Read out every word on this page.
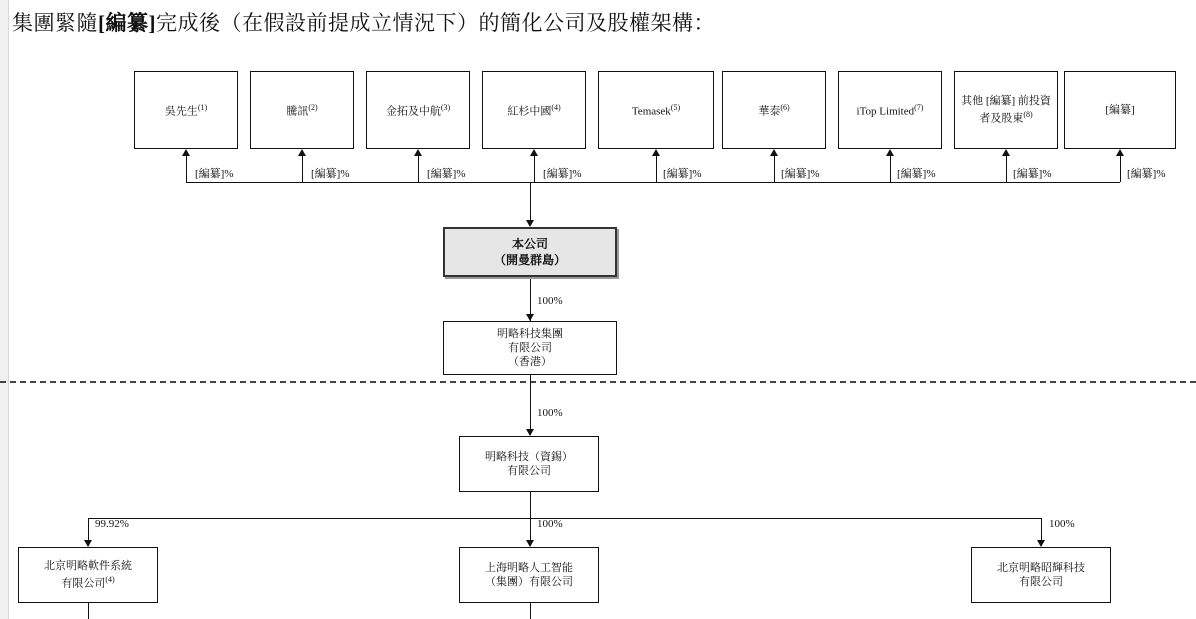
集團緊隨[編纂]完成後（在假設前提成立情況下）的簡化公司及股權架構：
吳先生$^{(1)}$	騰訊$^{(2)}$	金拓及中航$^{(3)}$	紅杉中國$^{(4)}$	Temasek$^{(5)}$	華泰$^{(6)}$	iTop Limited$^{(7)}$
其他 [編纂] 前投資者及股東$^{(8)}$	[編纂]
[編纂]%	[編纂]%	[編纂]%	[編纂]%	[編纂]%	[編纂]%	[編纂]%	[編纂]%	[編纂]%
本公司
（開曼群島）
100%
明略科技集團
有限公司
（香港）
100%
明略科技（資錫）
有限公司
99.92%	100%	100%
北京明略軟件系統
有限公司$^{(4)}$
上海明略人工智能
（集團）有限公司
北京明略昭輝科技
有限公司
